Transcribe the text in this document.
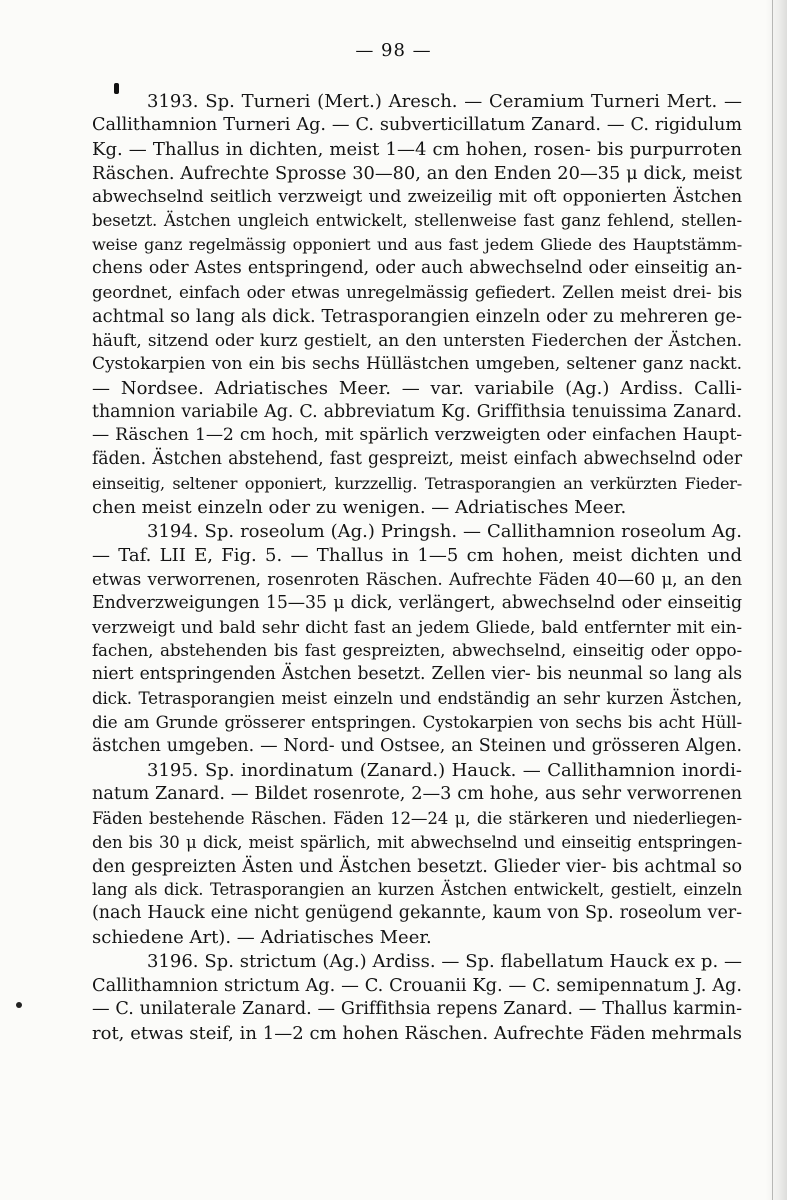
— 98 —
3193. Sp. Turneri (Mert.) Aresch. — Ceramium Turneri Mert. —
Callithamnion Turneri Ag. — C. subverticillatum Zanard. — C. rigidulum
Kg. — Thallus in dichten, meist 1—4 cm hohen, rosen- bis purpurroten
Räschen. Aufrechte Sprosse 30—80, an den Enden 20—35 μ dick, meist
abwechselnd seitlich verzweigt und zweizeilig mit oft opponierten Ästchen
besetzt. Ästchen ungleich entwickelt, stellenweise fast ganz fehlend, stellen-
weise ganz regelmässig opponiert und aus fast jedem Gliede des Hauptstämm-
chens oder Astes entspringend, oder auch abwechselnd oder einseitig an-
geordnet, einfach oder etwas unregelmässig gefiedert. Zellen meist drei- bis
achtmal so lang als dick. Tetrasporangien einzeln oder zu mehreren ge-
häuft, sitzend oder kurz gestielt, an den untersten Fiederchen der Ästchen.
Cystokarpien von ein bis sechs Hüllästchen umgeben, seltener ganz nackt.
— Nordsee. Adriatisches Meer. — var. variabile (Ag.) Ardiss. Calli-
thamnion variabile Ag. C. abbreviatum Kg. Griffithsia tenuissima Zanard.
— Räschen 1—2 cm hoch, mit spärlich verzweigten oder einfachen Haupt-
fäden. Ästchen abstehend, fast gespreizt, meist einfach abwechselnd oder
einseitig, seltener opponiert, kurzzellig. Tetrasporangien an verkürzten Fieder-
chen meist einzeln oder zu wenigen. — Adriatisches Meer.
3194. Sp. roseolum (Ag.) Pringsh. — Callithamnion roseolum Ag.
— Taf. LII E, Fig. 5. — Thallus in 1—5 cm hohen, meist dichten und
etwas verworrenen, rosenroten Räschen. Aufrechte Fäden 40—60 μ, an den
Endverzweigungen 15—35 μ dick, verlängert, abwechselnd oder einseitig
verzweigt und bald sehr dicht fast an jedem Gliede, bald entfernter mit ein-
fachen, abstehenden bis fast gespreizten, abwechselnd, einseitig oder oppo-
niert entspringenden Ästchen besetzt. Zellen vier- bis neunmal so lang als
dick. Tetrasporangien meist einzeln und endständig an sehr kurzen Ästchen,
die am Grunde grösserer entspringen. Cystokarpien von sechs bis acht Hüll-
ästchen umgeben. — Nord- und Ostsee, an Steinen und grösseren Algen.
3195. Sp. inordinatum (Zanard.) Hauck. — Callithamnion inordi-
natum Zanard. — Bildet rosenrote, 2—3 cm hohe, aus sehr verworrenen
Fäden bestehende Räschen. Fäden 12—24 μ, die stärkeren und niederliegen-
den bis 30 μ dick, meist spärlich, mit abwechselnd und einseitig entspringen-
den gespreizten Ästen und Ästchen besetzt. Glieder vier- bis achtmal so
lang als dick. Tetrasporangien an kurzen Ästchen entwickelt, gestielt, einzeln
(nach Hauck eine nicht genügend gekannte, kaum von Sp. roseolum ver-
schiedene Art). — Adriatisches Meer.
3196. Sp. strictum (Ag.) Ardiss. — Sp. flabellatum Hauck ex p. —
Callithamnion strictum Ag. — C. Crouanii Kg. — C. semipennatum J. Ag.
— C. unilaterale Zanard. — Griffithsia repens Zanard. — Thallus karmin-
rot, etwas steif, in 1—2 cm hohen Räschen. Aufrechte Fäden mehrmals
